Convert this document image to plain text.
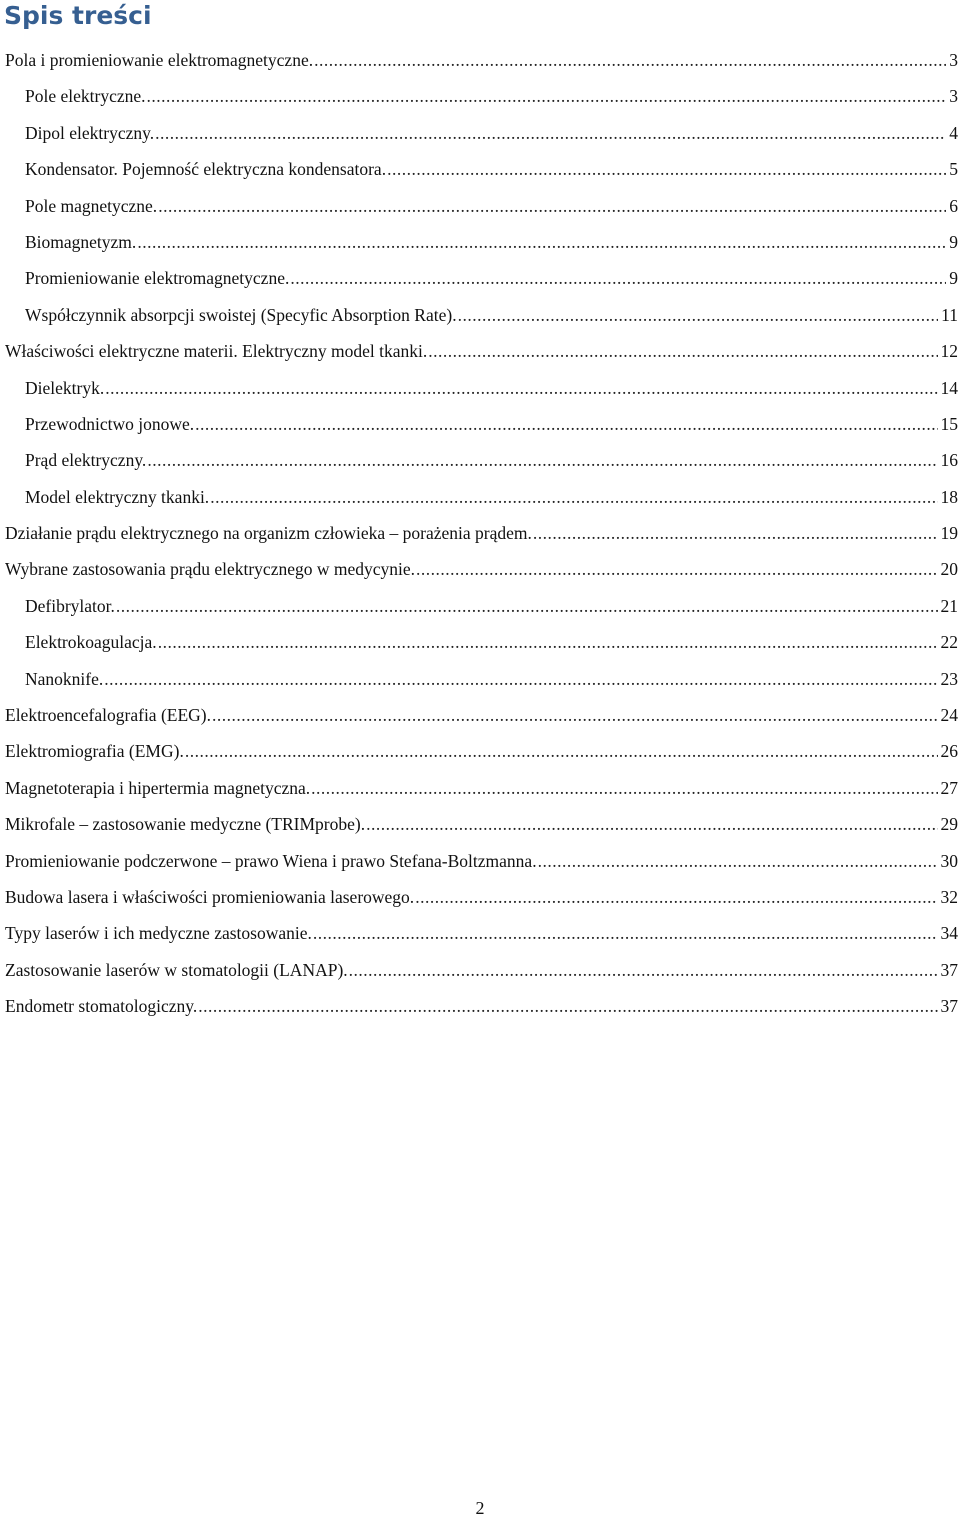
Spis treści
Pola i promieniowanie elektromagnetyczne. .....	3
Pole elektryczne. .....	3
Dipol elektryczny. .....	4
Kondensator. Pojemność elektryczna kondensatora. .....	5
Pole magnetyczne. .....	6
Biomagnetyzm. .....	9
Promieniowanie elektromagnetyczne. .....	9
Współczynnik absorpcji swoistej (Specyfic Absorption Rate). .....	11
Właściwości elektryczne materii. Elektryczny model tkanki. .....	12
Dielektryk. .....	14
Przewodnictwo jonowe. .....	15
Prąd elektryczny. .....	16
Model elektryczny tkanki. .....	18
Działanie prądu elektrycznego na organizm człowieka – porażenia prądem. .....	19
Wybrane zastosowania prądu elektrycznego w medycynie. .....	20
Defibrylator. .....	21
Elektrokoagulacja. .....	22
Nanoknife. .....	23
Elektroencefalografia (EEG). .....	24
Elektromiografia (EMG). .....	26
Magnetoterapia i hipertermia magnetyczna. .....	27
Mikrofale – zastosowanie medyczne (TRIMprobe). .....	29
Promieniowanie podczerwone – prawo Wiena i prawo Stefana-Boltzmanna. .....	30
Budowa lasera i właściwości promieniowania laserowego. .....	32
Typy laserów i ich medyczne zastosowanie. .....	34
Zastosowanie laserów w stomatologii (LANAP). .....	37
Endometr stomatologiczny. .....	37
2
